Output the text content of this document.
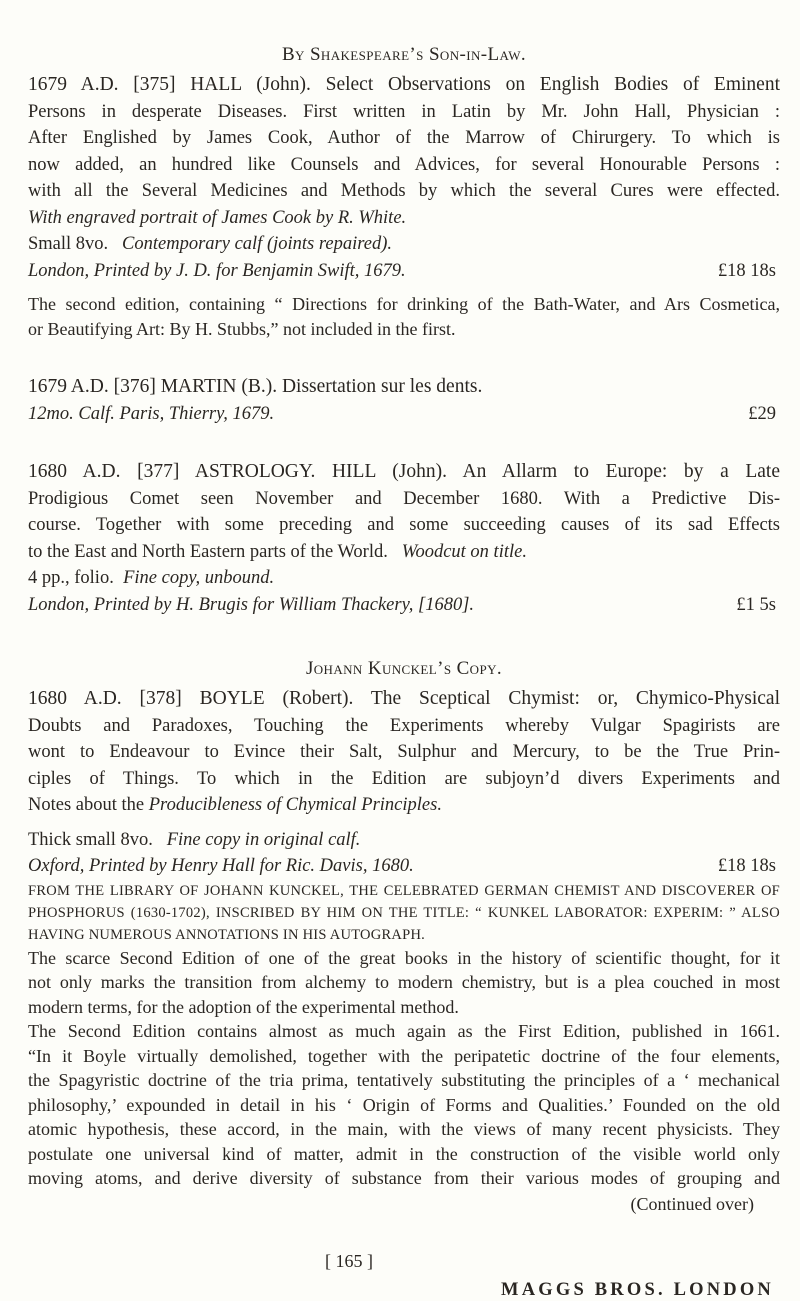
By Shakespeare’s Son-in-Law.
1679 A.D. [375] HALL (John). Select Observations on English Bodies of Eminent
Persons in desperate Diseases. First written in Latin by Mr. John Hall, Physician :
After Englished by James Cook, Author of the Marrow of Chirurgery. To which is
now added, an hundred like Counsels and Advices, for several Honourable Persons :
with all the Several Medicines and Methods by which the several Cures were effected.
With engraved portrait of James Cook by R. White.
Small 8vo. Contemporary calf (joints repaired).
London, Printed by J. D. for Benjamin Swift, 1679.	£18 18s
The second edition, containing “ Directions for drinking of the Bath-Water, and Ars Cosmetica,
or Beautifying Art: By H. Stubbs,” not included in the first.
1679 A.D. [376] MARTIN (B.). Dissertation sur les dents.
12mo. Calf. Paris, Thierry, 1679.	£29
1680 A.D. [377] ASTROLOGY. HILL (John). An Allarm to Europe: by a Late
Prodigious Comet seen November and December 1680. With a Predictive Dis-
course. Together with some preceding and some succeeding causes of its sad Effects
to the East and North Eastern parts of the World. Woodcut on title.
4 pp., folio. Fine copy, unbound.
London, Printed by H. Brugis for William Thackery, [1680].	£1 5s
Johann Kunckel’s Copy.
1680 A.D. [378] BOYLE (Robert). The Sceptical Chymist: or, Chymico-Physical
Doubts and Paradoxes, Touching the Experiments whereby Vulgar Spagirists are
wont to Endeavour to Evince their Salt, Sulphur and Mercury, to be the True Prin-
ciples of Things. To which in the Edition are subjoyn’d divers Experiments and
Notes about the Producibleness of Chymical Principles.
Thick small 8vo. Fine copy in original calf.
Oxford, Printed by Henry Hall for Ric. Davis, 1680.	£18 18s
FROM THE LIBRARY OF JOHANN KUNCKEL, THE CELEBRATED GERMAN CHEMIST AND DISCOVERER OF
PHOSPHORUS (1630-1702), INSCRIBED BY HIM ON THE TITLE: “ KUNKEL LABORATOR: EXPERIM: ” ALSO
HAVING NUMEROUS ANNOTATIONS IN HIS AUTOGRAPH.
The scarce Second Edition of one of the great books in the history of scientific thought, for it
not only marks the transition from alchemy to modern chemistry, but is a plea couched in most
modern terms, for the adoption of the experimental method.
The Second Edition contains almost as much again as the First Edition, published in 1661.
“In it Boyle virtually demolished, together with the peripatetic doctrine of the four elements,
the Spagyristic doctrine of the tria prima, tentatively substituting the principles of a ‘ mechanical
philosophy,’ expounded in detail in his ‘ Origin of Forms and Qualities.’ Founded on the old
atomic hypothesis, these accord, in the main, with the views of many recent physicists. They
postulate one universal kind of matter, admit in the construction of the visible world only
moving atoms, and derive diversity of substance from their various modes of grouping and
(Continued over)
[ 165 ]
MAGGS BROS. LONDON
